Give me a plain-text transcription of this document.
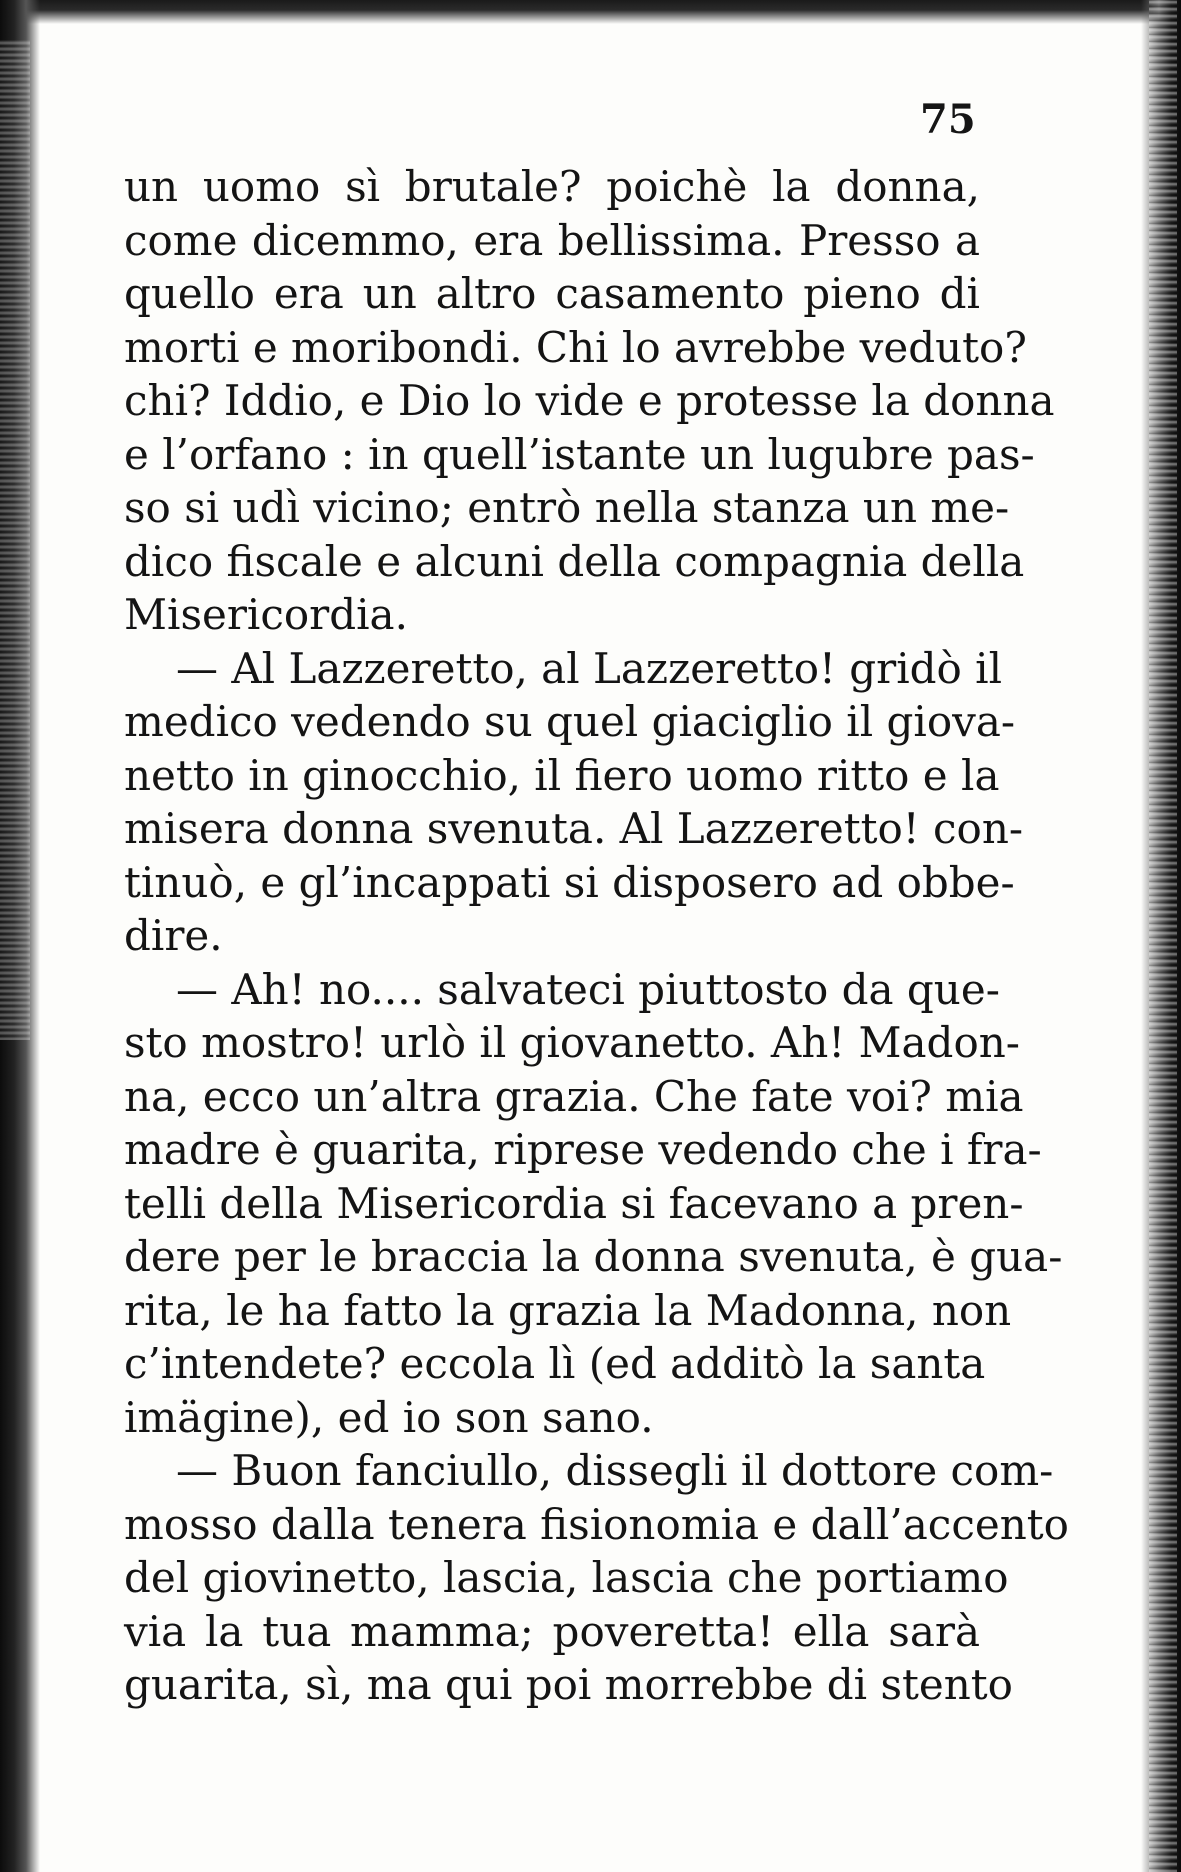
75
un uomo sì brutale? poichè la donna,
come dicemmo, era bellissima. Presso a
quello era un altro casamento pieno di
morti e moribondi. Chi lo avrebbe veduto?
chi? Iddio, e Dio lo vide e protesse la donna
e l’orfano : in quell’istante un lugubre pas-
so si udì vicino; entrò nella stanza un me-
dico fiscale e alcuni della compagnia della
Misericordia.
— Al Lazzeretto, al Lazzeretto! gridò il
medico vedendo su quel giaciglio il giova-
netto in ginocchio, il fiero uomo ritto e la
misera donna svenuta. Al Lazzeretto! con-
tinuò, e gl’incappati si disposero ad obbe-
dire.
— Ah! no.... salvateci piuttosto da que-
sto mostro! urlò il giovanetto. Ah! Madon-
na, ecco un’altra grazia. Che fate voi? mia
madre è guarita, riprese vedendo che i fra-
telli della Misericordia si facevano a pren-
dere per le braccia la donna svenuta, è gua-
rita, le ha fatto la grazia la Madonna, non
c’intendete? eccola lì (ed additò la santa
imägine), ed io son sano.
— Buon fanciullo, dissegli il dottore com-
mosso dalla tenera fisionomia e dall’accento
del giovinetto, lascia, lascia che portiamo
via la tua mamma; poveretta! ella sarà
guarita, sì, ma qui poi morrebbe di stento
